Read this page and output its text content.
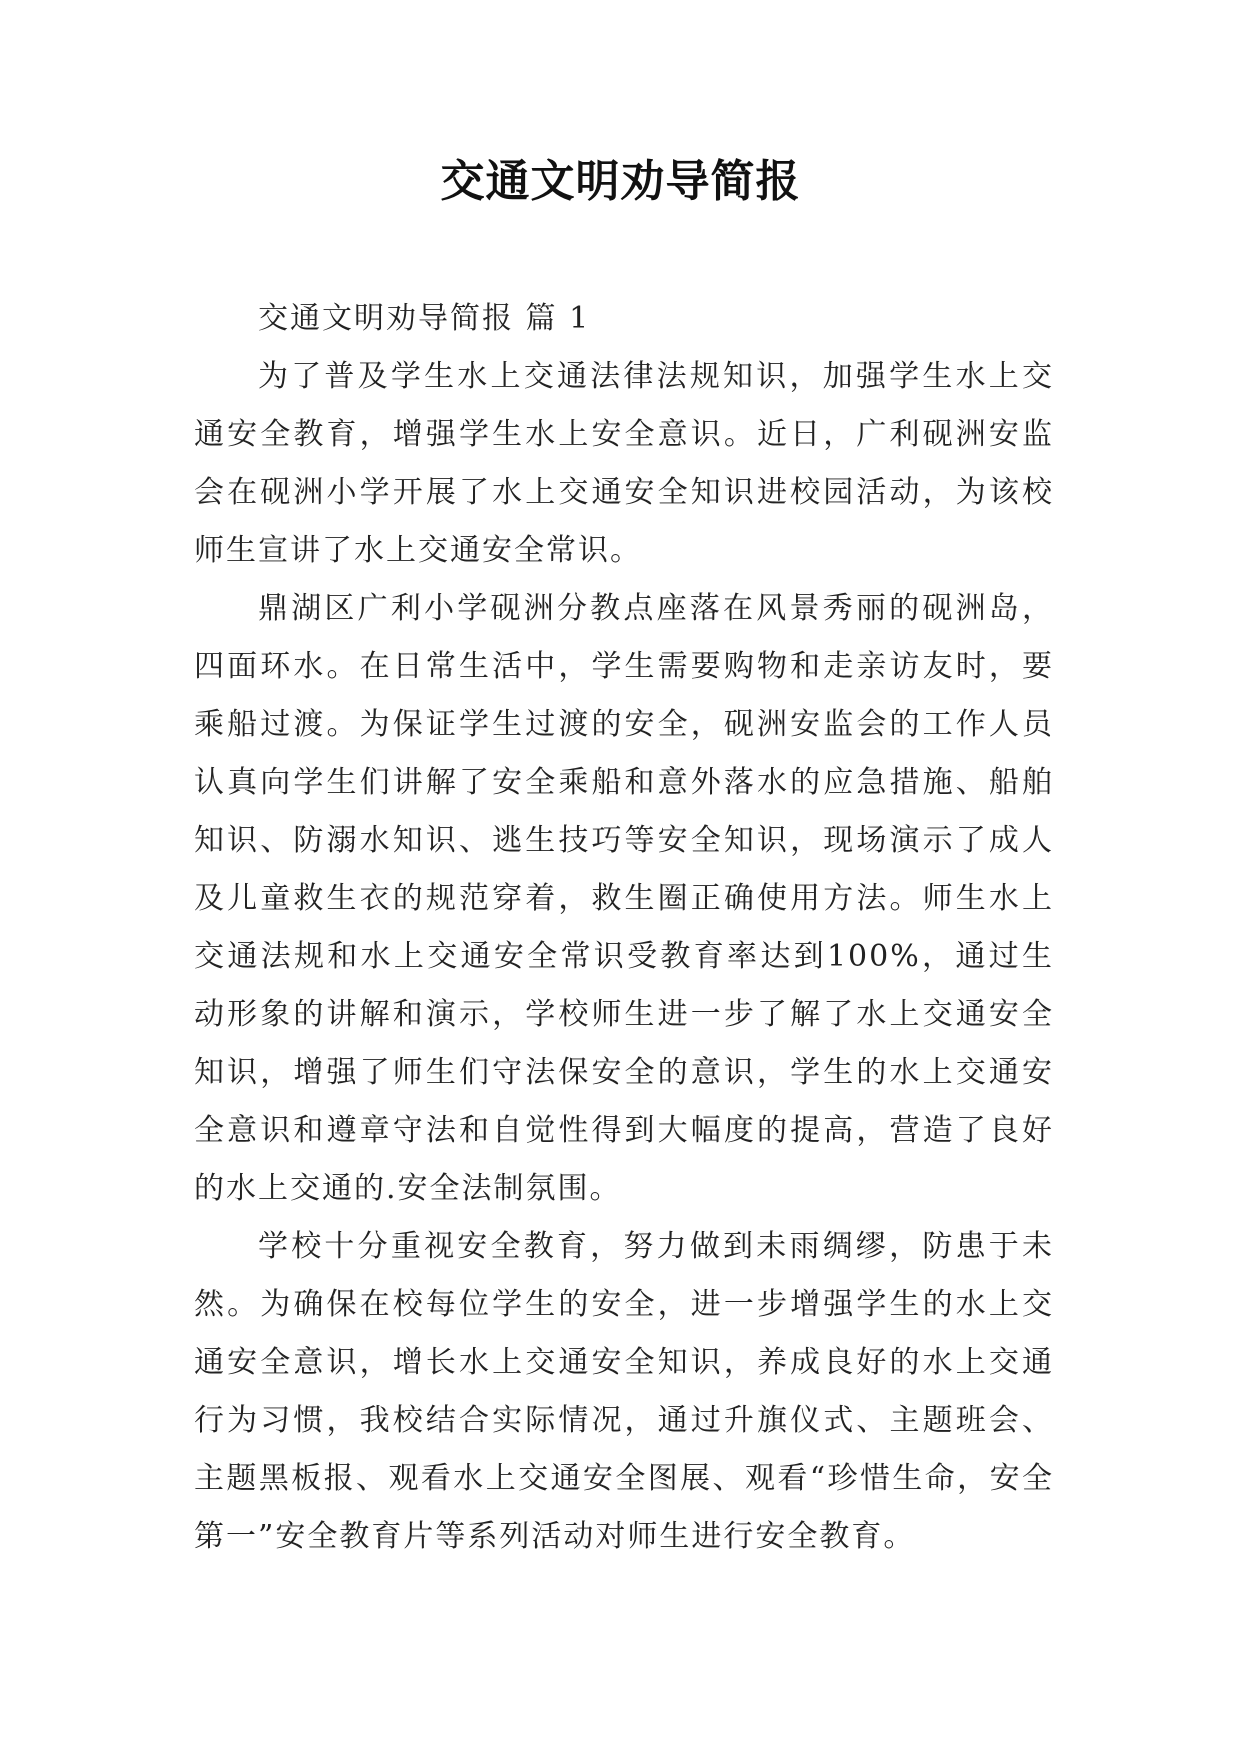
交通文明劝导简报

交通文明劝导简报 篇 1

为了普及学生水上交通法律法规知识，加强学生水上交通安全教育，增强学生水上安全意识。近日，广利砚洲安监会在砚洲小学开展了水上交通安全知识进校园活动，为该校师生宣讲了水上交通安全常识。

鼎湖区广利小学砚洲分教点座落在风景秀丽的砚洲岛，四面环水。在日常生活中，学生需要购物和走亲访友时，要乘船过渡。为保证学生过渡的安全，砚洲安监会的工作人员认真向学生们讲解了安全乘船和意外落水的应急措施、船舶知识、防溺水知识、逃生技巧等安全知识，现场演示了成人及儿童救生衣的规范穿着，救生圈正确使用方法。师生水上交通法规和水上交通安全常识受教育率达到100%，通过生动形象的讲解和演示，学校师生进一步了解了水上交通安全知识，增强了师生们守法保安全的意识，学生的水上交通安全意识和遵章守法和自觉性得到大幅度的提高，营造了良好的水上交通的.安全法制氛围。

学校十分重视安全教育，努力做到未雨绸缪，防患于未然。为确保在校每位学生的安全，进一步增强学生的水上交通安全意识，增长水上交通安全知识，养成良好的水上交通行为习惯，我校结合实际情况，通过升旗仪式、主题班会、主题黑板报、观看水上交通安全图展、观看“珍惜生命，安全第一”安全教育片等系列活动对师生进行安全教育。
